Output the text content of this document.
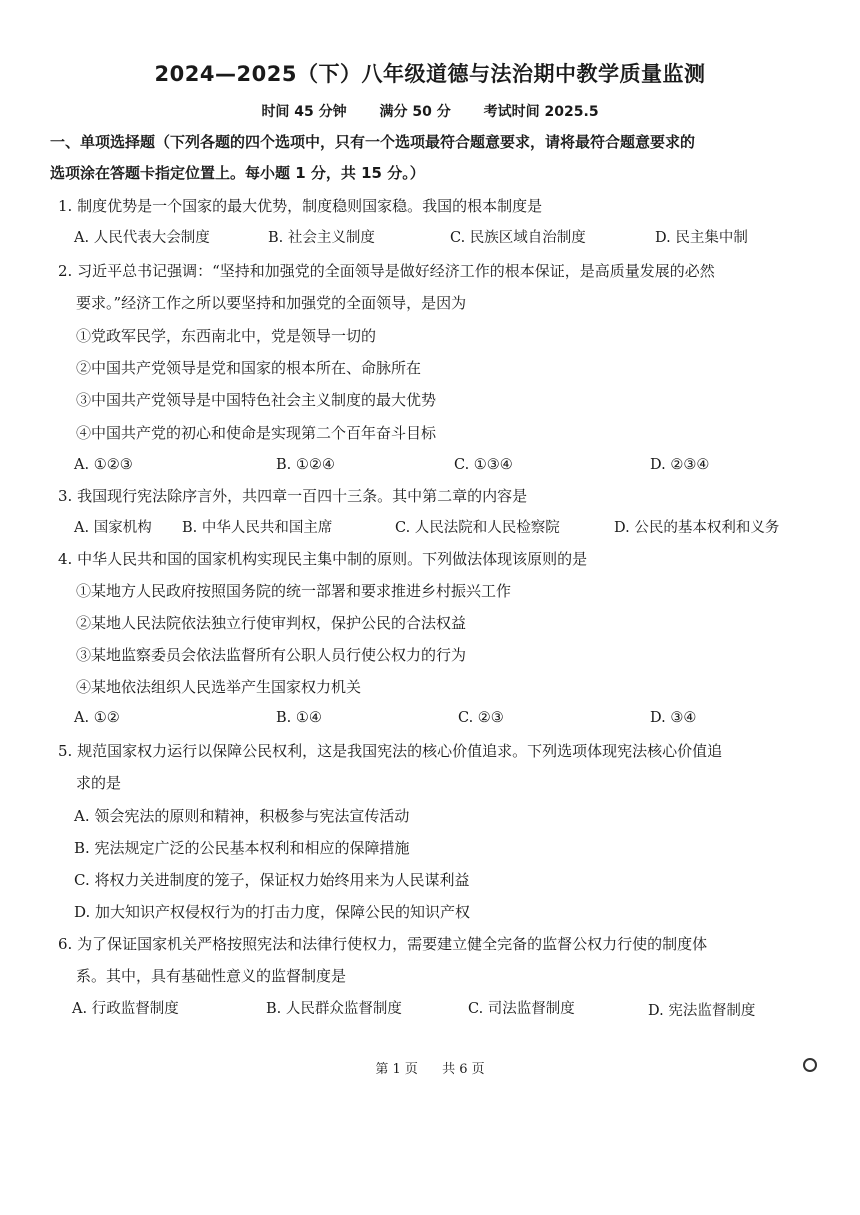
2024—2025（下）八年级道德与法治期中教学质量监测
时间 45 分钟 满分 50 分 考试时间 2025.5
一、单项选择题（下列各题的四个选项中，只有一个选项最符合题意要求，请将最符合题意要求的
选项涂在答题卡指定位置上。每小题 1 分，共 15 分。）
1. 制度优势是一个国家的最大优势，制度稳则国家稳。我国的根本制度是
A. 人民代表大会制度	B. 社会主义制度	C. 民族区域自治制度	D. 民主集中制
2. 习近平总书记强调：“坚持和加强党的全面领导是做好经济工作的根本保证，是高质量发展的必然
要求。”经济工作之所以要坚持和加强党的全面领导，是因为
①党政军民学，东西南北中，党是领导一切的
②中国共产党领导是党和国家的根本所在、命脉所在
③中国共产党领导是中国特色社会主义制度的最大优势
④中国共产党的初心和使命是实现第二个百年奋斗目标
A. ①②③	B. ①②④	C. ①③④	D. ②③④
3. 我国现行宪法除序言外，共四章一百四十三条。其中第二章的内容是
A. 国家机构 B. 中华人民共和国主席	C. 人民法院和人民检察院	D. 公民的基本权利和义务
4. 中华人民共和国的国家机构实现民主集中制的原则。下列做法体现该原则的是
①某地方人民政府按照国务院的统一部署和要求推进乡村振兴工作
②某地人民法院依法独立行使审判权，保护公民的合法权益
③某地监察委员会依法监督所有公职人员行使公权力的行为
④某地依法组织人民选举产生国家权力机关
A. ①②	B. ①④	C. ②③	D. ③④
5. 规范国家权力运行以保障公民权利，这是我国宪法的核心价值追求。下列选项体现宪法核心价值追
求的是
A. 领会宪法的原则和精神，积极参与宪法宣传活动
B. 宪法规定广泛的公民基本权利和相应的保障措施
C. 将权力关进制度的笼子，保证权力始终用来为人民谋利益
D. 加大知识产权侵权行为的打击力度，保障公民的知识产权
6. 为了保证国家机关严格按照宪法和法律行使权力，需要建立健全完备的监督公权力行使的制度体
系。其中，具有基础性意义的监督制度是
A. 行政监督制度	B. 人民群众监督制度	C. 司法监督制度	D. 宪法监督制度
第 1 页 共 6 页
